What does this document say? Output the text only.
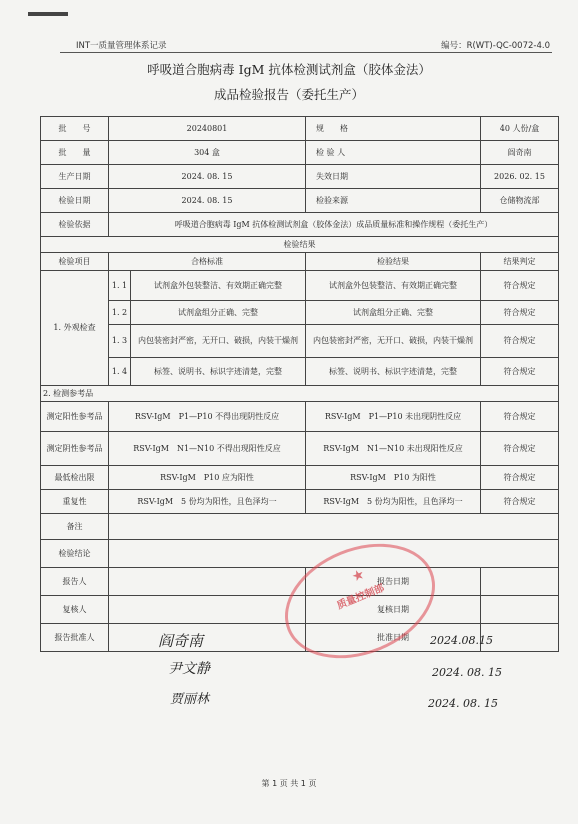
INT一质量管理体系记录	编号：R(WT)-QC-0072-4.0
呼吸道合胞病毒 IgM 抗体检测试剂盒（胶体金法）
成品检验报告（委托生产）
批　　号	20240801		规　　格	40 人份/盒
批　　量	304 盒		检 验 人	阎奇南
生产日期	2024. 08. 15		失效日期	2026. 02. 15
检验日期	2024. 08. 15		检验来源	仓储物流部
检验依据	呼吸道合胞病毒 IgM 抗体检测试剂盒（胶体金法）成品质量标准和操作规程（委托生产）			
检验结果				
检验项目	合格标准		检验结果	结果判定
1. 外观检查	1. 1	试剂盒外包装整洁、有效期正确完整	试剂盒外包装整洁、有效期正确完整	符合规定
	1. 2	试剂盒组分正确、完整	试剂盒组分正确、完整	符合规定
	1. 3	内包装密封严密，无开口、破损，内装干燥剂	内包装密封严密，无开口、破损，内装干燥剂	符合规定
	1. 4	标签、说明书、标识字迹清楚，完整	标签、说明书、标识字迹清楚，完整	符合规定
2. 检测参考品				
测定阳性参考品	RSV-IgM　P1—P10 不得出现阴性反应		RSV-IgM　P1—P10 未出现阴性反应	符合规定
测定阴性参考品	RSV-IgM　N1—N10 不得出现阳性反应		RSV-IgM　N1—N10 未出现阳性反应	符合规定
最低检出限	RSV-IgM　P10 应为阳性		RSV-IgM　P10 为阳性	符合规定
重复性	RSV-IgM　5 份均为阳性，且色泽均一		RSV-IgM　5 份均为阳性，且色泽均一	符合规定
备注				
检验结论				
报告人			报告日期	
复核人			复核日期	
报告批准人			批准日期	
阎奇南	2024.08.15
尹文静	2024. 08. 15
贾丽林	2024. 08. 15
★
质量控制部
第 1 页 共 1 页
